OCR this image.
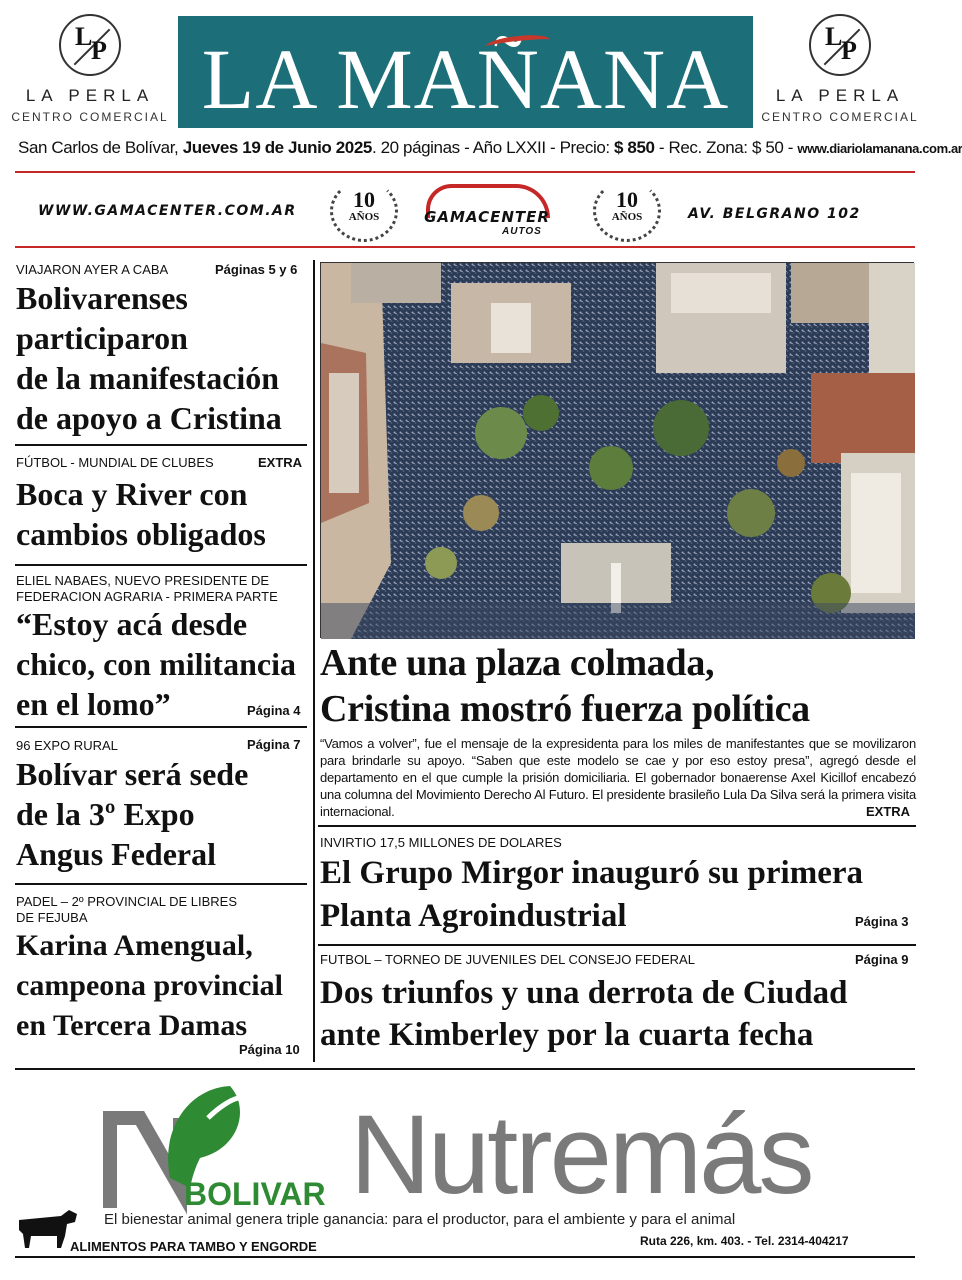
L
P
LA PERLA
CENTRO COMERCIAL LA MAÑANA	L
P
LA PERLA
CENTRO COMERCIAL
San Carlos de Bolívar, Jueves 19 de Junio 2025. 20 páginas - Año LXXII - Precio: $ 850 - Rec. Zona: $ 50 - www.diariolamanana.com.ar
WWW.GAMACENTER.COM.AR	10
AÑOS	GAMACENTER
AUTOS
10
AÑOS	AV. BELGRANO 102
VIAJARON AYER A CABA	Páginas 5 y 6
Bolivarenses
participaron
de la manifestación
de apoyo a Cristina
FÚTBOL - MUNDIAL DE CLUBES	EXTRA
Boca y River con
cambios obligados
ELIEL NABAES, NUEVO PRESIDENTE DE
FEDERACION AGRARIA - PRIMERA PARTE
“Estoy acá desde
chico, con militancia
en el lomo”	Página 4
96 EXPO RURAL	Página 7
Bolívar será sede
de la 3º Expo
Angus Federal
PADEL – 2º PROVINCIAL DE LIBRES
DE FEJUBA
Karina Amengual,
campeona provincial
en Tercera Damas
Página 10
Ante una plaza colmada,
Cristina mostró fuerza política
“Vamos a volver”, fue el mensaje de la expresidenta para los miles de manifestantes que se movilizaron para brindarle su apoyo. “Saben que este modelo se cae y por eso estoy presa”, agregó desde el departamento en el que cumple la prisión domiciliaria. El gobernador bonaerense Axel Kicillof encabezó una columna del Movimiento Derecho Al Futuro. El presidente brasileño Lula Da Silva será la primera visita internacional.	EXTRA
INVIRTIO 17,5 MILLONES DE DOLARES
El Grupo Mirgor inauguró su primera
Planta Agroindustrial	Página 3
FUTBOL – TORNEO DE JUVENILES DEL CONSEJO FEDERAL	Página 9
Dos triunfos y una derrota de Ciudad
ante Kimberley por la cuarta fecha
Nutremás
BOLIVAR
El bienestar animal genera triple ganancia: para el productor, para el ambiente y para el animal
ALIMENTOS PARA TAMBO Y ENGORDE	Ruta 226, km. 403. - Tel. 2314-404217
